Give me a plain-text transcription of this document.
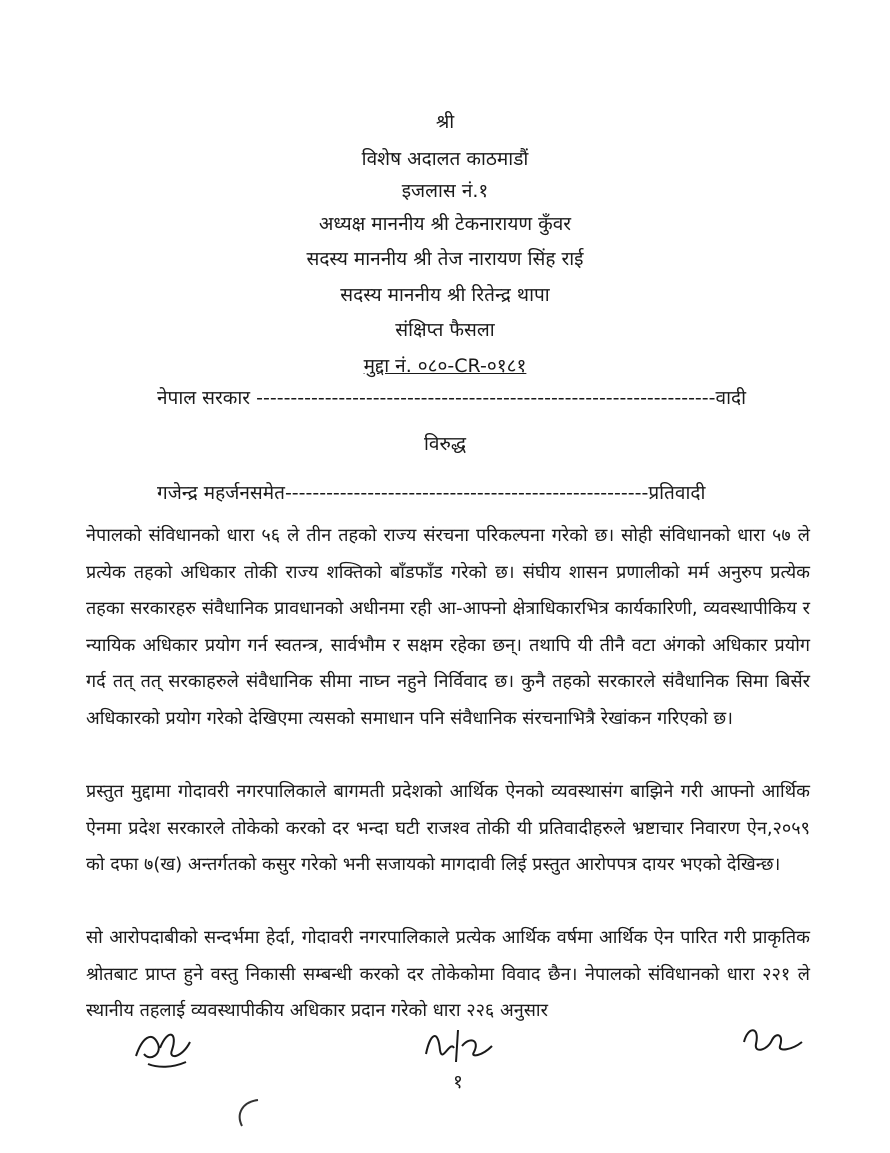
श्री
विशेष अदालत काठमाडौं
इजलास नं.१
अध्यक्ष माननीय श्री टेकनारायण कुँवर
सदस्य माननीय श्री तेज नारायण सिंह राई
सदस्य माननीय श्री रितेन्द्र थापा
संक्षिप्त फैसला
मुद्दा नं. ०८०-CR-०१८१
नेपाल सरकार -------------------------------------------------------------------वादी
विरुद्ध
गजेन्द्र महर्जनसमेत-----------------------------------------------------प्रतिवादी
नेपालको संविधानको धारा ५६ ले तीन तहको राज्य संरचना परिकल्पना गरेको छ। सोही संविधानको धारा ५७ ले प्रत्येक तहको अधिकार तोकी राज्य शक्तिको बाँडफाँड गरेको छ। संघीय शासन प्रणालीको मर्म अनुरुप प्रत्येक तहका सरकारहरु संवैधानिक प्रावधानको अधीनमा रही आ-आफ्नो क्षेत्राधिकारभित्र कार्यकारिणी, व्यवस्थापीकिय र न्यायिक अधिकार प्रयोग गर्न स्वतन्त्र, सार्वभौम र सक्षम रहेका छन्। तथापि यी तीनै वटा अंगको अधिकार प्रयोग गर्द तत् तत् सरकाहरुले संवैधानिक सीमा नाघ्न नहुने निर्विवाद छ। कुनै तहको सरकारले संवैधानिक सिमा बिर्सेर अधिकारको प्रयोग गरेको देखिएमा त्यसको समाधान पनि संवैधानिक संरचनाभित्रै रेखांकन गरिएको छ।
प्रस्तुत मुद्दामा गोदावरी नगरपालिकाले बागमती प्रदेशको आर्थिक ऐनको व्यवस्थासंग बाझिने गरी आफ्नो आर्थिक ऐनमा प्रदेश सरकारले तोकेको करको दर भन्दा घटी राजश्व तोकी यी प्रतिवादीहरुले भ्रष्टाचार निवारण ऐन,२०५९ को दफा ७(ख) अन्तर्गतको कसुर गरेको भनी सजायको मागदावी लिई प्रस्तुत आरोपपत्र दायर भएको देखिन्छ।
सो आरोपदाबीको सन्दर्भमा हेर्दा, गोदावरी नगरपालिकाले प्रत्येक आर्थिक वर्षमा आर्थिक ऐन पारित गरी प्राकृतिक श्रोतबाट प्राप्त हुने वस्तु निकासी सम्बन्धी करको दर तोकेकोमा विवाद छैन। नेपालको संविधानको धारा २२१ ले स्थानीय तहलाई व्यवस्थापीकीय अधिकार प्रदान गरेको धारा २२६ अनुसार
१
